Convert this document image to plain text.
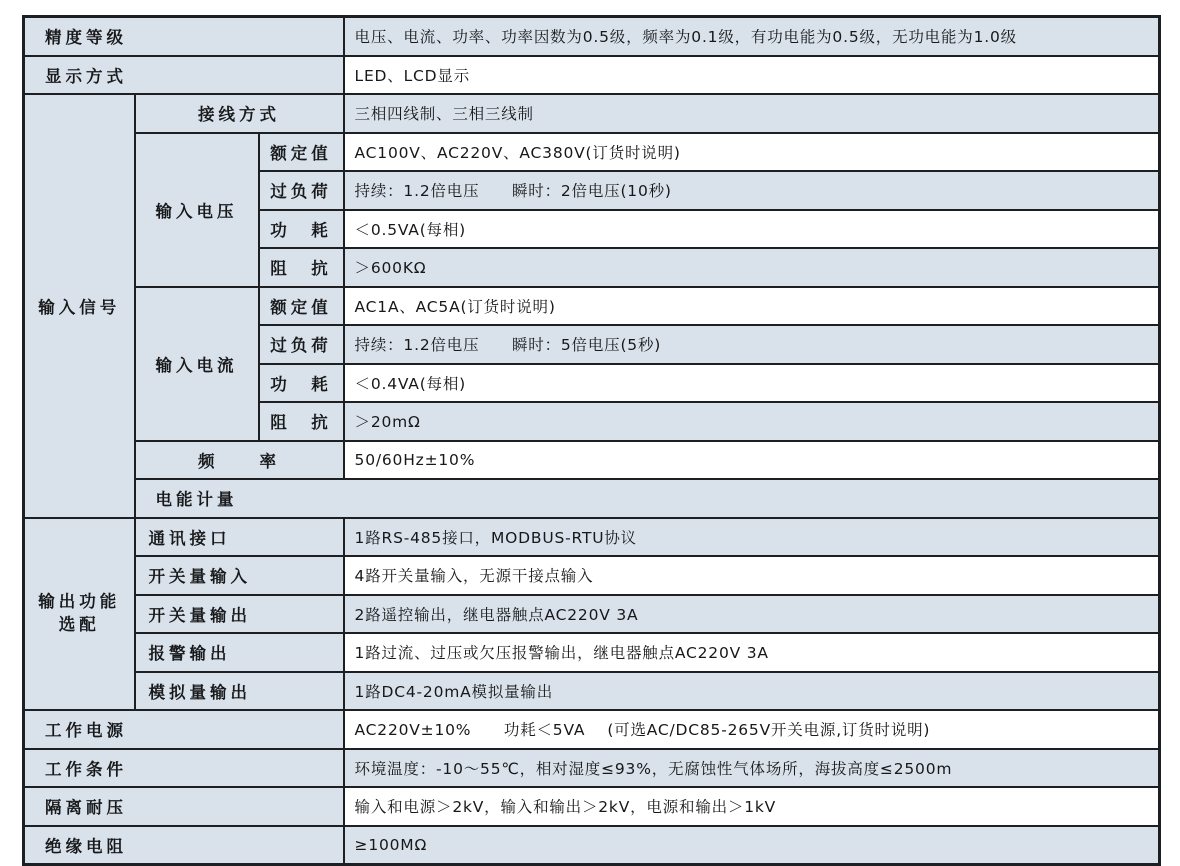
精度等级			电压、电流、功率、功率因数为0.5级，频率为0.1级，有功电能为0.5级，无功电能为1.0级	
显示方式			LED、LCD显示	
输入信号	接线方式		三相四线制、三相三线制	
	输入电压	额定值	AC100V、AC220V、AC380V(订货时说明)	
		过负荷	持续：1.2倍电压　　瞬时：2倍电压(10秒)	
		功　耗	＜0.5VA(每相)	
		阻　抗	＞600KΩ	
	输入电流	额定值	AC1A、AC5A(订货时说明)	
		过负荷	持续：1.2倍电压　　瞬时：5倍电压(5秒)	
		功　耗	＜0.4VA(每相)	
		阻　抗	＞20mΩ	
	频　　率		50/60Hz±10%	
	电能计量	

输出功能
选配	通讯接口		1路RS-485接口，MODBUS-RTU协议	
	开关量输入		4路开关量输入，无源干接点输入	
	开关量输出		2路遥控输出，继电器触点AC220V 3A	
	报警输出		1路过流、过压或欠压报警输出，继电器触点AC220V 3A	
	模拟量输出		1路DC4-20mA模拟量输出	
工作电源			AC220V±10%　　功耗＜5VA　 (可选AC/DC85-265V开关电源,订货时说明)	
工作条件			环境温度：-10～55℃，相对湿度≤93%，无腐蚀性气体场所，海拔高度≤2500m	
隔离耐压			输入和电源＞2kV，输入和输出＞2kV，电源和输出＞1kV	
绝缘电阻			≥100MΩ	
